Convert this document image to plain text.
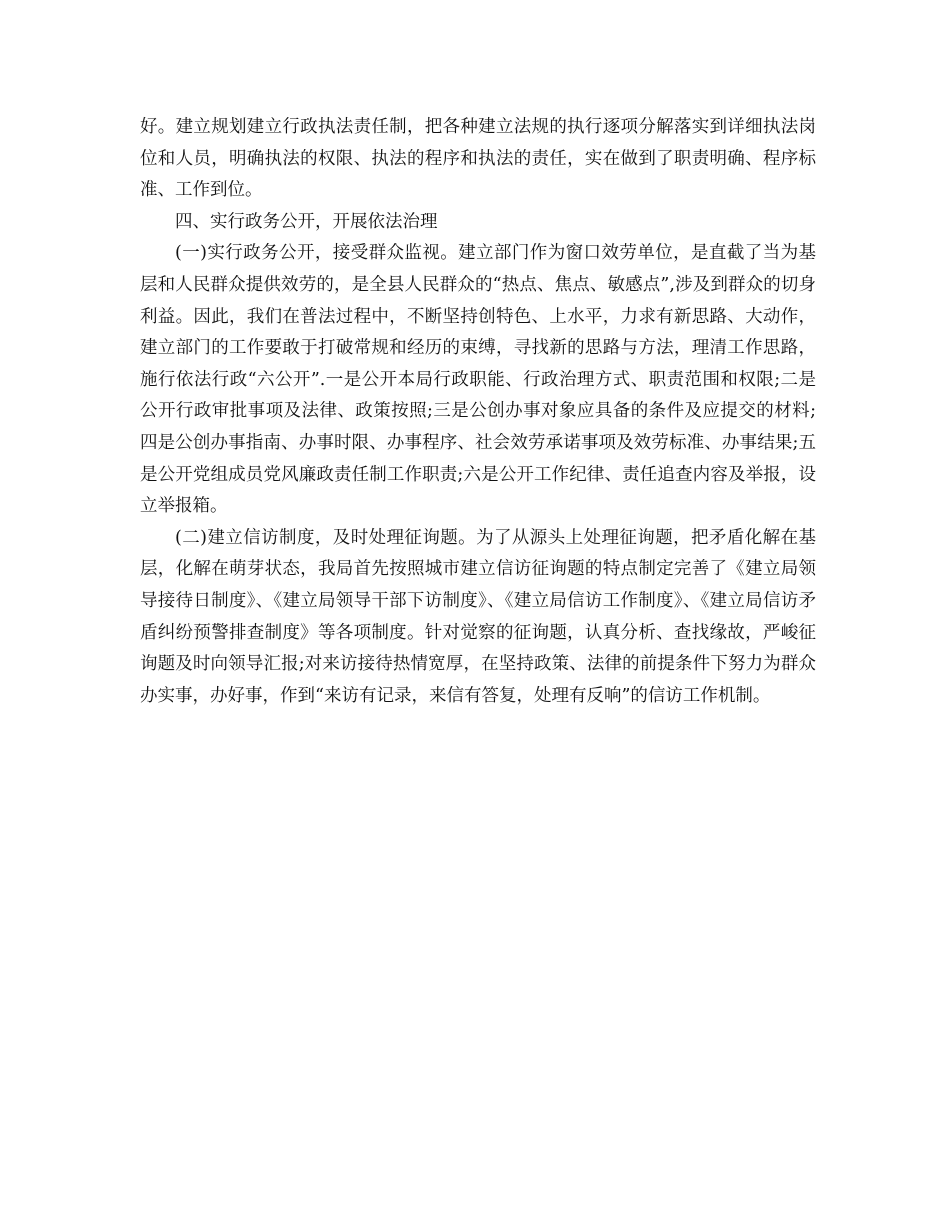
好。建立规划建立行政执法责任制，把各种建立法规的执行逐项分解落实到详细执法岗位和人员，明确执法的权限、执法的程序和执法的责任，实在做到了职责明确、程序标准、工作到位。

四、实行政务公开，开展依法治理

(一)实行政务公开，接受群众监视。建立部门作为窗口效劳单位，是直截了当为基层和人民群众提供效劳的，是全县人民群众的“热点、焦点、敏感点”,涉及到群众的切身利益。因此，我们在普法过程中，不断坚持创特色、上水平，力求有新思路、大动作，建立部门的工作要敢于打破常规和经历的束缚，寻找新的思路与方法，理清工作思路，施行依法行政“六公开”.一是公开本局行政职能、行政治理方式、职责范围和权限;二是公开行政审批事项及法律、政策按照;三是公创办事对象应具备的条件及应提交的材料;四是公创办事指南、办事时限、办事程序、社会效劳承诺事项及效劳标准、办事结果;五是公开党组成员党风廉政责任制工作职责;六是公开工作纪律、责任追查内容及举报，设立举报箱。

(二)建立信访制度，及时处理征询题。为了从源头上处理征询题，把矛盾化解在基层，化解在萌芽状态，我局首先按照城市建立信访征询题的特点制定完善了《建立局领导接待日制度》、《建立局领导干部下访制度》、《建立局信访工作制度》、《建立局信访矛盾纠纷预警排查制度》等各项制度。针对觉察的征询题，认真分析、查找缘故，严峻征询题及时向领导汇报;对来访接待热情宽厚，在坚持政策、法律的前提条件下努力为群众办实事，办好事，作到“来访有记录，来信有答复，处理有反响”的信访工作机制。
